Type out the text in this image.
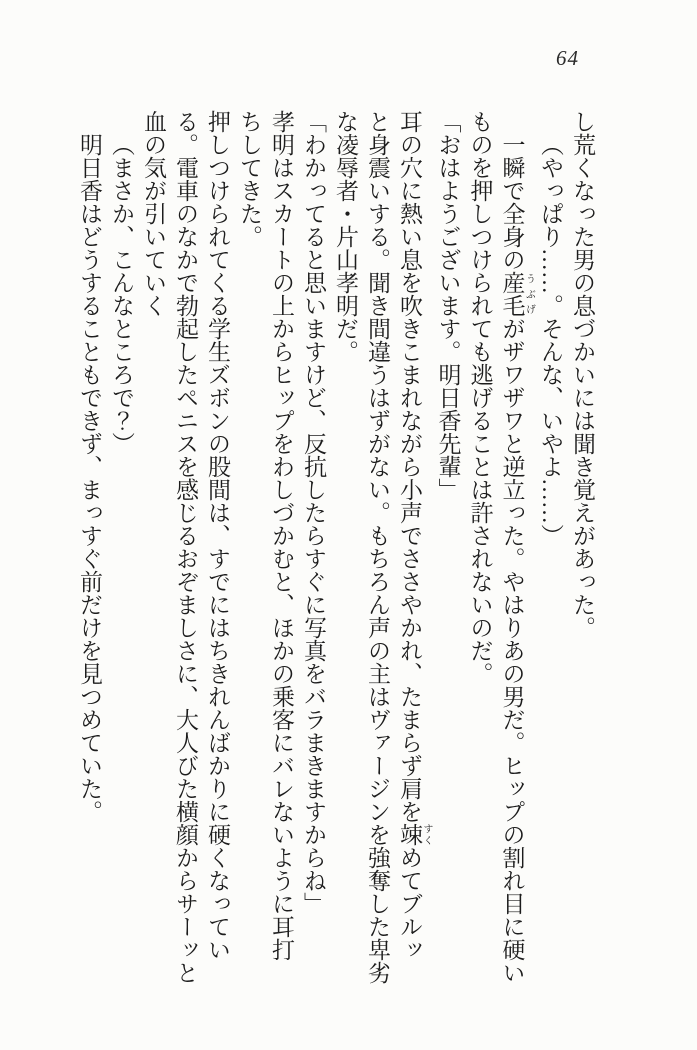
64
し荒くなった男の息づかいには聞き覚えがあった。
（やっぱり……。そんな、いやよ……）
一瞬で全身の産毛 うぶげがザワザワと逆立った。やはりあの男だ。ヒップの割れ目に硬い
ものを押しつけられても逃げることは許されないのだ。
「おはようございます。明日香先輩」
耳の穴に熱い息を吹きこまれながら小声でささやかれ、たまらず肩を竦 すくめてブルッ
と身震いする。聞き間違うはずがない。もちろん声の主はヴァージンを強奪した卑劣
な凌辱者・片山孝明だ。
「わかってると思いますけど、反抗したらすぐに写真をバラまきますからね」
孝明はスカートの上からヒップをわしづかむと、ほかの乗客にバレないように耳打
ちしてきた。
押しつけられてくる学生ズボンの股間は、すでにはちきれんばかりに硬くなってい
る。電車のなかで勃起したペニスを感じるおぞましさに、大人びた横顔からサーッと
血の気が引いていく
（まさか、こんなところで？）
明日香はどうすることもできず、まっすぐ前だけを見つめていた。
